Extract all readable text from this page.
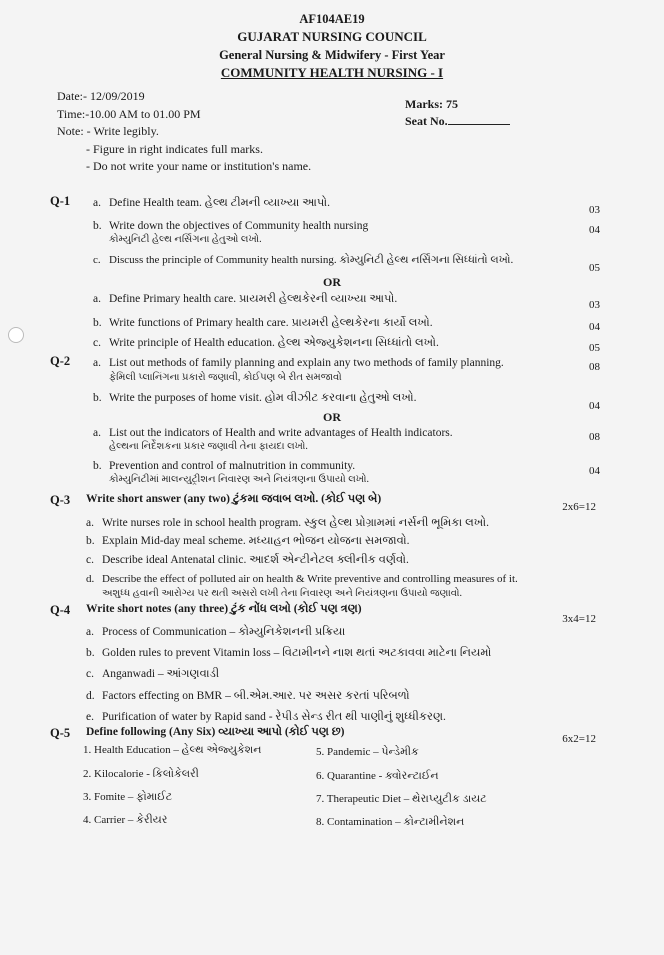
AF104AE19
GUJARAT NURSING COUNCIL
General Nursing & Midwifery - First Year
COMMUNITY HEALTH NURSING - I
Date:- 12/09/2019
Time:-10.00 AM to 01.00 PM
Note: - Write legibly.
Marks: 75
Seat No.
- Figure in right indicates full marks.
- Do not write your name or institution's name.
Q-1 a. Define Health team. હેલ્થ ટીમની વ્યાખ્યા આપો.
03
b. Write down the objectives of Community health nursing
કોમ્યુનિટી હેલ્થ નર્સિંગના હેતુઓ લખો.
04
c. Discuss the principle of Community health nursing. કોમ્યુનિટી હેલ્થ નર્સિંગના સિધ્ધાંતો લખો.
05
OR
a. Define Primary health care. પ્રાયમરી હેલ્થકેરની વ્યાખ્યા આપો.	03
b. Write functions of Primary health care. પ્રાયમરી હેલ્થકેરના કાર્યો લખો.	04
c. Write principle of Health education. હેલ્થ એજ્યુકેશનના સિધ્ધાંતો લખો.	05
Q-2 a. List out methods of family planning and explain any two methods of family planning.
ફેમિલી પ્લાનિંગના પ્રકારો જણાવી, કોઈપણ બે રીત સમજાવો
08
b. Write the purposes of home visit. હોમ વીઝીટ કરવાના હેતુઓ લખો.
04
OR
a. List out the indicators of Health and write advantages of Health indicators.
હેલ્થના નિર્દેશકના પ્રકાર જણાવી તેના ફાયદા લખો.
08
b. Prevention and control of malnutrition in community.
કોમ્યુનિટીમાં માલન્યુટ્રીશન નિવારણ અને નિયંત્રણના ઉપાયો લખો.
04
Q-3 Write short answer (any two) ટુંકમા જવાબ લખો. (કોઈ પણ બે)
2x6=12
a. Write nurses role in school health program. સ્કુલ હેલ્થ પ્રોગ્રામમાં નર્સની ભૂમિકા લખો.
b. Explain Mid-day meal scheme. મધ્યાહન ભોજન યોજના સમજાવો.
c. Describe ideal Antenatal clinic. આદર્શ એન્ટીનેટલ ક્લીનીક વર્ણવો.
d. Describe the effect of polluted air on health & Write preventive and controlling measures of it.
અશુધ્ધ હવાની આરોગ્ય પર થતી અસરો લખી તેના નિવારણ અને નિયંત્રણના ઉપાયો જણાવો.
Q-4 Write short notes (any three) ટુંક નોંધ લખો (કોઈ પણ ત્રણ)
3x4=12
a. Process of Communication – કોમ્યુનિકેશનની પ્રક્રિયા
b. Golden rules to prevent Vitamin loss – વિટામીનને નાશ થતાં અટકાવવા માટેના નિયમો
c. Anganwadi – આંગણવાડી
d. Factors effecting on BMR – બી.એમ.આર. પર અસર કરતાં પરિબળો
e. Purification of water by Rapid sand - રેપીડ સેન્ડ રીત થી પાણીનું શુધ્ધીકરણ.
Q-5 Define following (Any Six) વ્યાખ્યા આપો (કોઈ પણ છ)
6x2=12
1. Health Education – હેલ્થ એજ્યુકેશન
2. Kilocalorie - કિલોકેલરી
3. Fomite – ફોમાઈટ
4. Carrier – કેરીયર
5. Pandemic – પેન્ડેમીક
6. Quarantine - ક્વોરન્ટાઈન
7. Therapeutic Diet – થેરાપ્યુટીક ડાયટ
8. Contamination – કોન્ટામીનેશન
